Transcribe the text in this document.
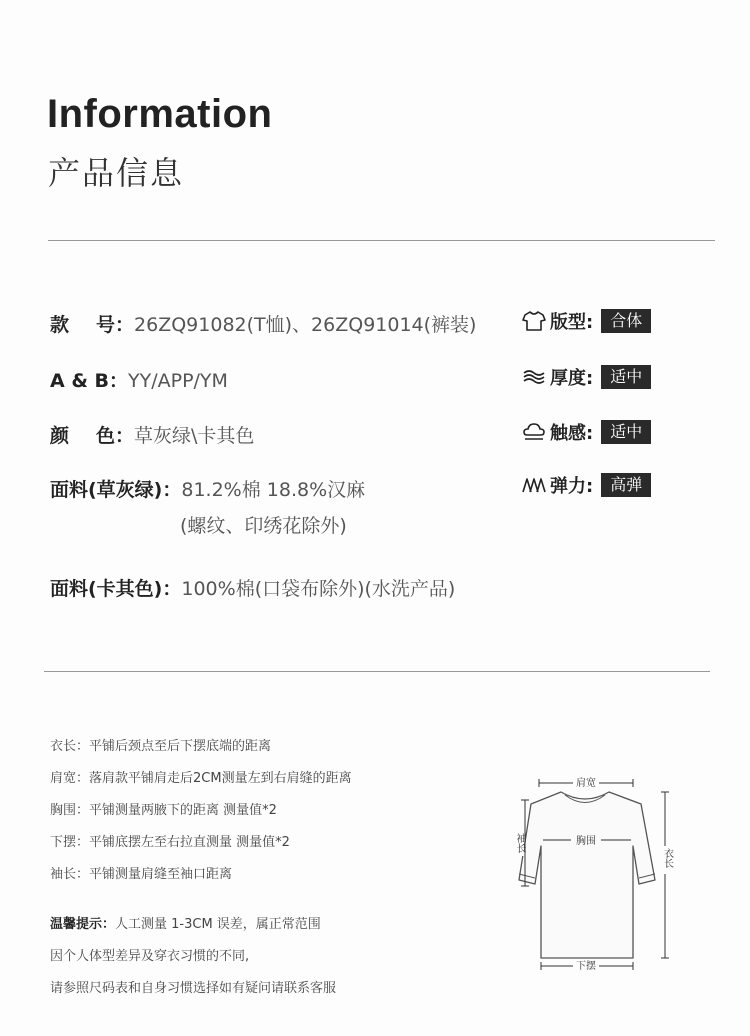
Information
产品信息
款 号：26ZQ91082(T恤)、26ZQ91014(裤装)
A & B：YY/APP/YM
颜 色：草灰绿\卡其色
面料(草灰绿)：81.2%棉 18.8%汉麻
(螺纹、印绣花除外)
面料(卡其色)：100%棉(口袋布除外)(水洗产品)
版型:	合体
厚度:	适中
触感:	适中
弹力:	高弹
衣长：平铺后颈点至后下摆底端的距离
肩宽：落肩款平铺肩走后2CM测量左到右肩缝的距离
胸围：平铺测量两腋下的距离 测量值*2
下摆：平铺底摆左至右拉直测量 测量值*2
袖长：平铺测量肩缝至袖口距离
温馨提示：人工测量 1-3CM 误差，属正常范围
因个人体型差异及穿衣习惯的不同,
请参照尺码表和自身习惯选择如有疑问请联系客服
肩宽
胸围
袖长
衣长
下摆
